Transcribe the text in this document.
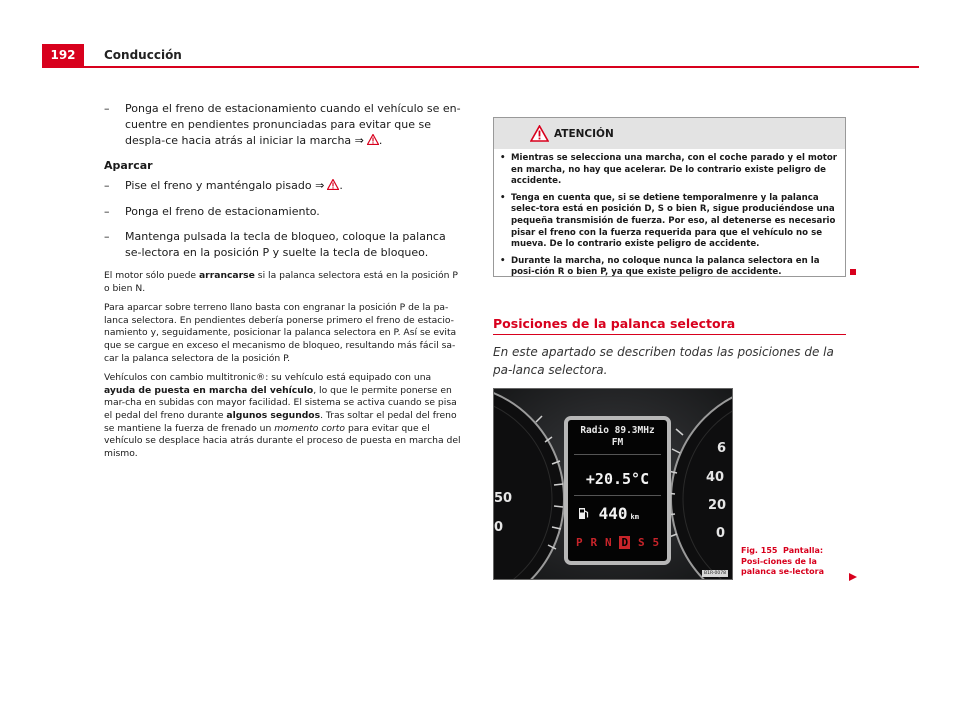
192	Conducción
–	Ponga el freno de estacionamiento cuando el vehículo se en-cuentre en pendientes pronunciadas para evitar que se despla-ce hacia atrás al iniciar la marcha ⇒ .
Aparcar
–	Pise el freno y manténgalo pisado ⇒ .
–	Ponga el freno de estacionamiento.
–	Mantenga pulsada la tecla de bloqueo, coloque la palanca se-lectora en la posición P y suelte la tecla de bloqueo.

El motor sólo puede arrancarse si la palanca selectora está en la posición P o bien N.

Para aparcar sobre terreno llano basta con engranar la posición P de la pa-lanca selectora. En pendientes debería ponerse primero el freno de estacio-namiento y, seguidamente, posicionar la palanca selectora en P. Así se evita que se cargue en exceso el mecanismo de bloqueo, resultando más fácil sa-car la palanca selectora de la posición P.

Vehículos con cambio multitronic®: su vehículo está equipado con una ayuda de puesta en marcha del vehículo, lo que le permite ponerse en mar-cha en subidas con mayor facilidad. El sistema se activa cuando se pisa el pedal del freno durante algunos segundos. Tras soltar el pedal del freno se mantiene la fuerza de frenado un momento corto para evitar que el vehículo se desplace hacia atrás durante el proceso de puesta en marcha del mismo.

ATENCIÓN
• Mientras se selecciona una marcha, con el coche parado y el motor en marcha, no hay que acelerar. De lo contrario existe peligro de accidente.
• Tenga en cuenta que, si se detiene temporalmenre y la palanca selec-tora está en posición D, S o bien R, sigue produciéndose una pequeña transmisión de fuerza. Por eso, al detenerse es necesario pisar el freno con la fuerza requerida para que el vehículo no se mueva. De lo contrario existe peligro de accidente.
• Durante la marcha, no coloque nunca la palanca selectora en la posi-ción R o bien P, ya que existe peligro de accidente.
Posiciones de la palanca selectora
En este apartado se describen todas las posiciones de la pa-lanca selectora.
50
0
6
40
20
0
Radio 89.3MHz
FM
+20.5°C
440 km
P R N D S 5
B1R-0078
Fig. 155 Pantalla: Posi-ciones de la palanca se-lectora
